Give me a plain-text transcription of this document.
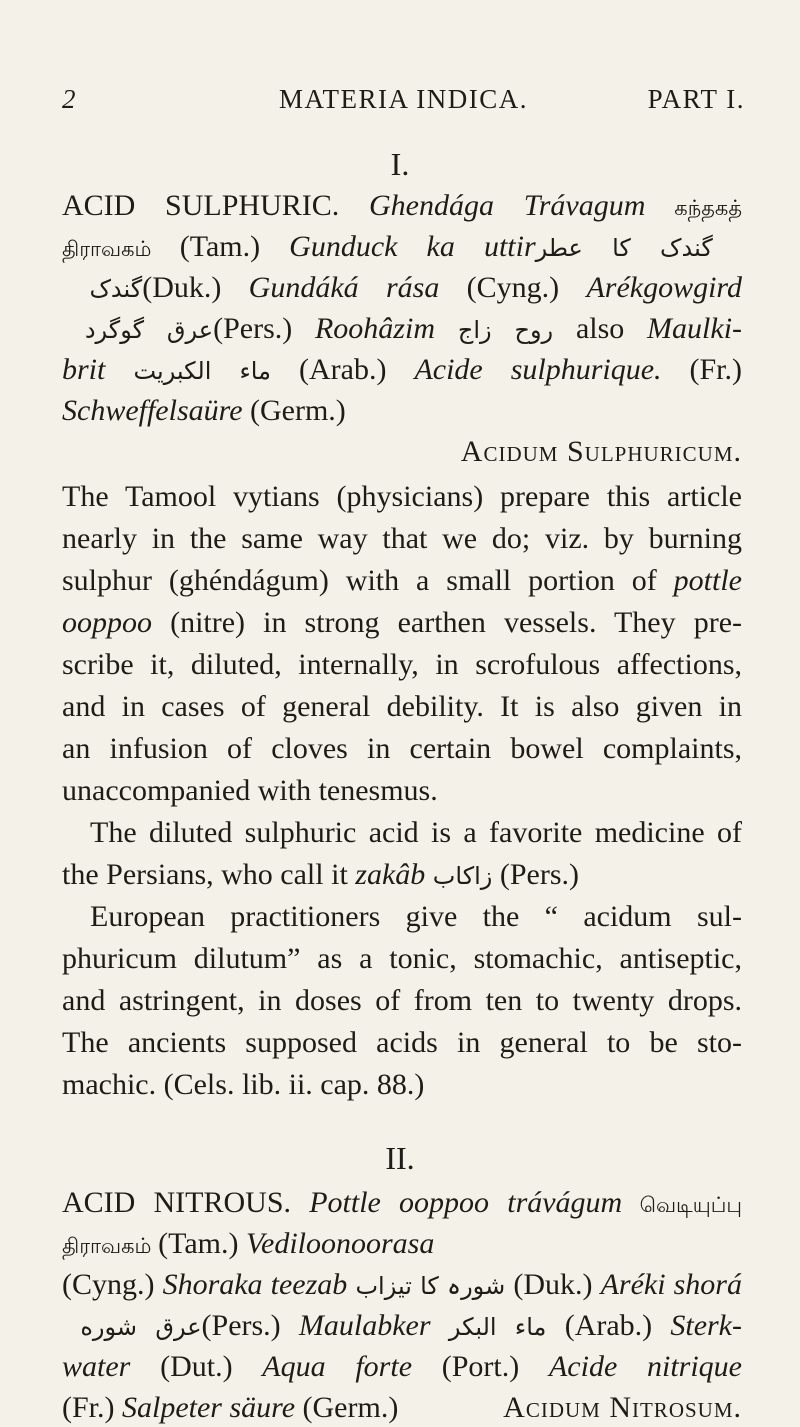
2	MATERIA INDICA.	PART I.
I.
ACID SULPHURIC. Ghendága Trávagum கந்தகத்
திராவகம் (Tam.) Gunduck ka uttir گندک کا عطر
گندک (Duk.) Gundáká rása (Cyng.) Arékgowgird
عرق گوگرد (Pers.) Roohâzim روح زاج also Maulki-
brit ماء الكبريت (Arab.) Acide sulphurique. (Fr.)
Schweffelsaüre (Germ.)
Acidum Sulphuricum.
The Tamool vytians (physicians) prepare this article
nearly in the same way that we do; viz. by burning
sulphur (ghéndágum) with a small portion of pottle
ooppoo (nitre) in strong earthen vessels. They pre-
scribe it, diluted, internally, in scrofulous affections,
and in cases of general debility. It is also given in
an infusion of cloves in certain bowel complaints,
unaccompanied with tenesmus.
The diluted sulphuric acid is a favorite medicine of
the Persians, who call it zakâb زاكاب (Pers.)
European practitioners give the “ acidum sul-
phuricum dilutum” as a tonic, stomachic, antiseptic,
and astringent, in doses of from ten to twenty drops.
The ancients supposed acids in general to be sto-
machic. (Cels. lib. ii. cap. 88.)
II.
ACID NITROUS. Pottle ooppoo trávágum வெடியுப்பு
திராவகம் (Tam.) Vediloonoorasa
(Cyng.) Shoraka teezab شورہ کا تیزاب (Duk.) Aréki shorá
عرق شوره (Pers.) Maulabker ماء البكر (Arab.) Sterk-
water (Dut.) Aqua forte (Port.) Acide nitrique
(Fr.) Salpeter säure (Germ.)	Acidum Nitrosum.
